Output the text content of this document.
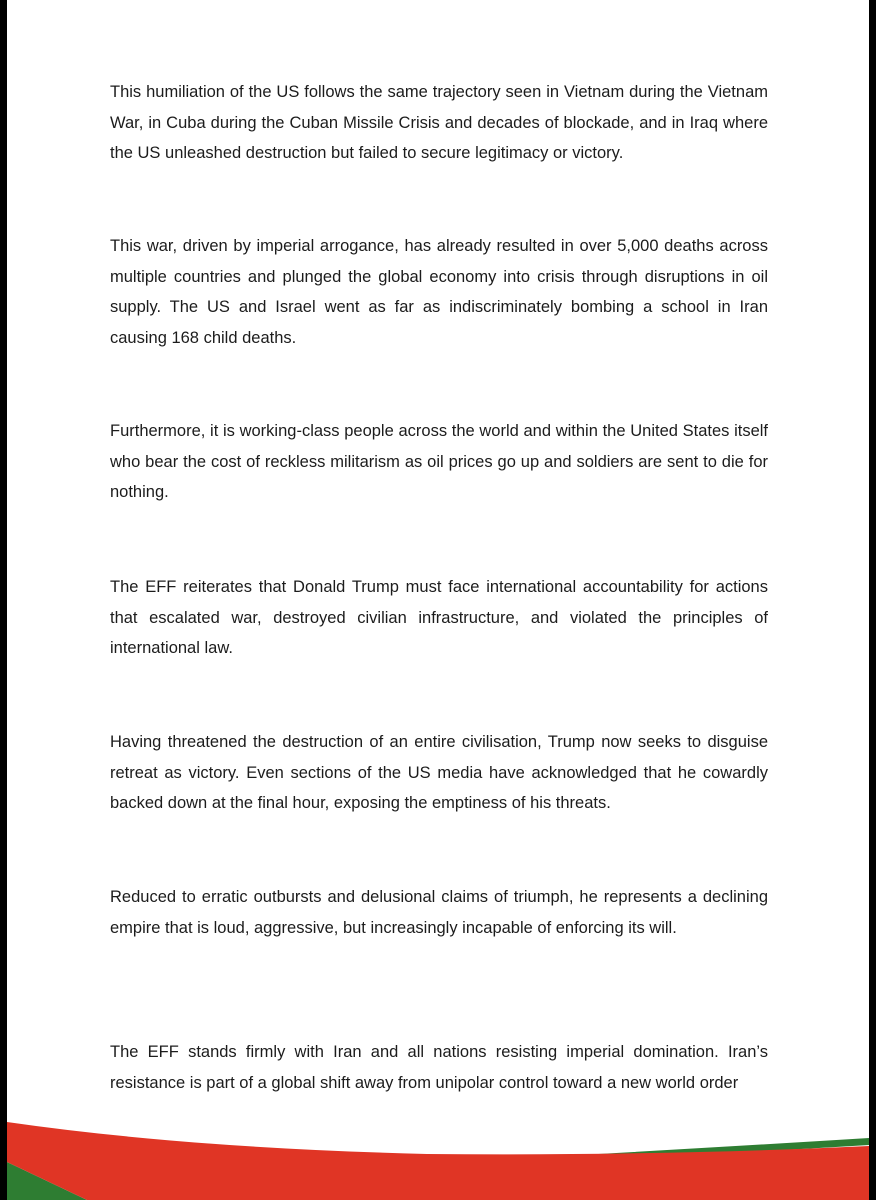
This humiliation of the US follows the same trajectory seen in Vietnam during the Vietnam War, in Cuba during the Cuban Missile Crisis and decades of blockade, and in Iraq where the US unleashed destruction but failed to secure legitimacy or victory.

This war, driven by imperial arrogance, has already resulted in over 5,000 deaths across multiple countries and plunged the global economy into crisis through disruptions in oil supply. The US and Israel went as far as indiscriminately bombing a school in Iran causing 168 child deaths.

Furthermore, it is working-class people across the world and within the United States itself who bear the cost of reckless militarism as oil prices go up and soldiers are sent to die for nothing.

The EFF reiterates that Donald Trump must face international accountability for actions that escalated war, destroyed civilian infrastructure, and violated the principles of international law.

Having threatened the destruction of an entire civilisation, Trump now seeks to disguise retreat as victory. Even sections of the US media have acknowledged that he cowardly backed down at the final hour, exposing the emptiness of his threats.

Reduced to erratic outbursts and delusional claims of triumph, he represents a declining empire that is loud, aggressive, but increasingly incapable of enforcing its will.

The EFF stands firmly with Iran and all nations resisting imperial domination. Iran’s resistance is part of a global shift away from unipolar control toward a new world order
